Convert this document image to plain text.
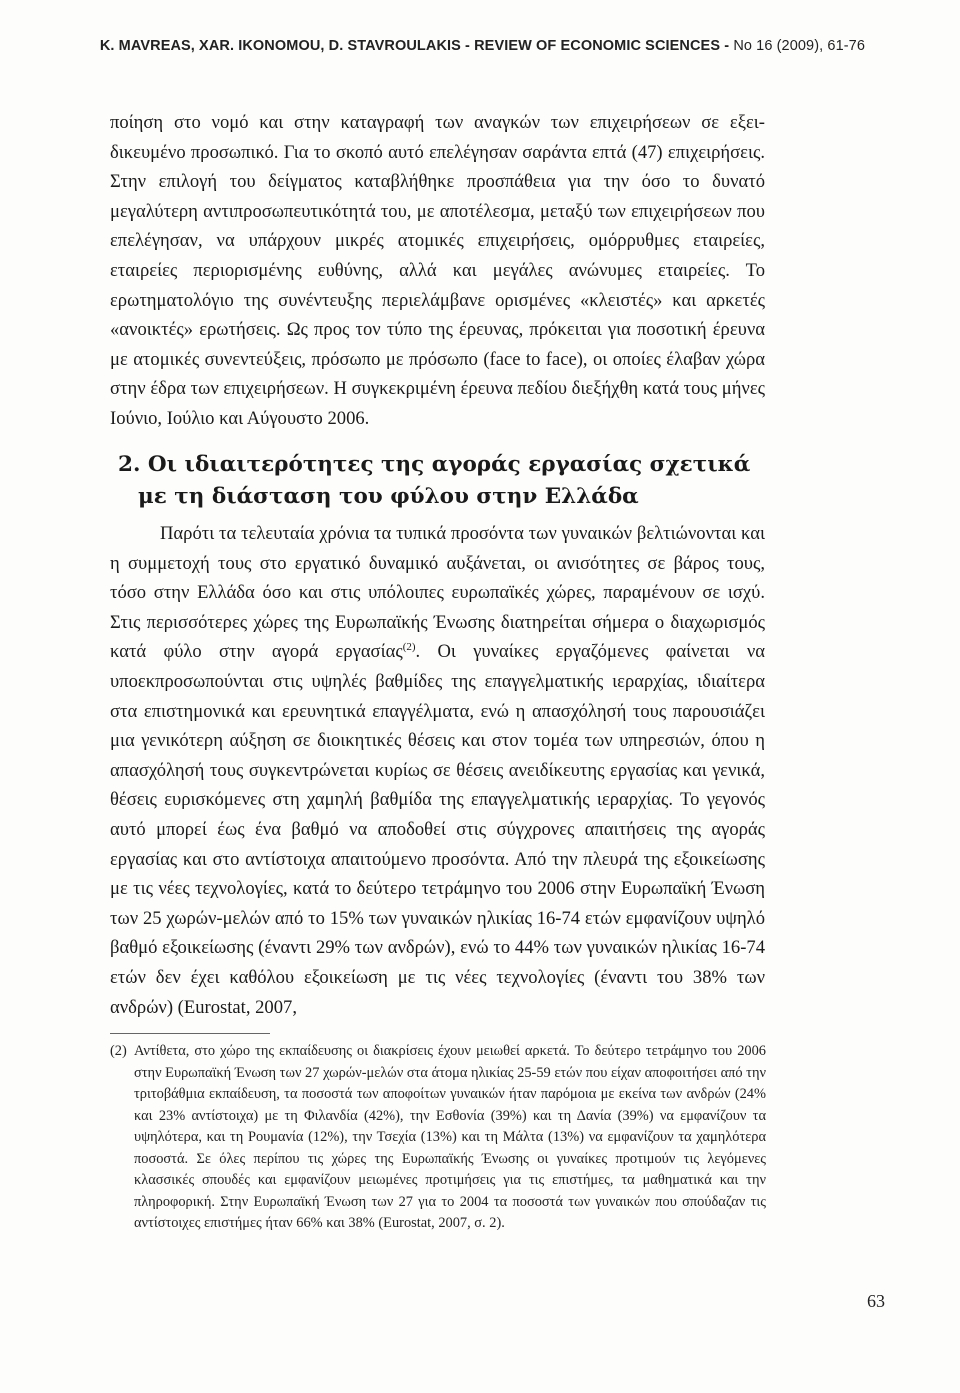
K. MAVREAS, XAR. IKONOMOU, D. STAVROULAKIS - REVIEW OF ECONOMIC SCIENCES - No 16 (2009), 61-76

ποίηση στο νομό και στην καταγραφή των αναγκών των επιχειρήσεων σε εξειδικευμένο προσωπικό. Για το σκοπό αυτό επελέγησαν σαράντα επτά (47) επιχειρήσεις. Στην επιλογή του δείγματος καταβλήθηκε προσπάθεια για την όσο το δυνατό μεγαλύτερη αντιπροσωπευτικότητά του, με αποτέλεσμα, μεταξύ των επιχειρήσεων που επελέγησαν, να υπάρχουν μικρές ατομικές επιχειρήσεις, ομόρρυθμες εταιρείες, εταιρείες περιορισμένης ευθύνης, αλλά και μεγάλες ανώνυμες εταιρείες. Το ερωτηματολόγιο της συνέντευξης περιελάμβανε ορισμένες «κλειστές» και αρκετές «ανοικτές» ερωτήσεις. Ως προς τον τύπο της έρευνας, πρόκειται για ποσοτική έρευνα με ατομικές συνεντεύξεις, πρόσωπο με πρόσωπο (face to face), οι οποίες έλαβαν χώρα στην έδρα των επιχειρήσεων. Η συγκεκριμένη έρευνα πεδίου διεξήχθη κατά τους μήνες Ιούνιο, Ιούλιο και Αύγουστο 2006.

2. Οι ιδιαιτερότητες της αγοράς εργασίας σχετικά
με τη διάσταση του φύλου στην Ελλάδα

Παρότι τα τελευταία χρόνια τα τυπικά προσόντα των γυναικών βελτιώνονται και η συμμετοχή τους στο εργατικό δυναμικό αυξάνεται, οι ανισότητες σε βάρος τους, τόσο στην Ελλάδα όσο και στις υπόλοιπες ευρωπαϊκές χώρες, παραμένουν σε ισχύ. Στις περισσότερες χώρες της Ευρωπαϊκής Ένωσης διατηρείται σήμερα ο διαχωρισμός κατά φύλο στην αγορά εργασίας$^{(2)}$. Οι γυναίκες εργαζόμενες φαίνεται να υποεκπροσωπούνται στις υψηλές βαθμίδες της επαγγελματικής ιεραρχίας, ιδιαίτερα στα επιστημονικά και ερευνητικά επαγγέλματα, ενώ η απασχόλησή τους παρουσιάζει μια γενικότερη αύξηση σε διοικητικές θέσεις και στον τομέα των υπηρεσιών, όπου η απασχόλησή τους συγκεντρώνεται κυρίως σε θέσεις ανειδίκευτης εργασίας και γενικά, θέσεις ευρισκόμενες στη χαμηλή βαθμίδα της επαγγελματικής ιεραρχίας. Το γεγονός αυτό μπορεί έως ένα βαθμό να αποδοθεί στις σύγχρονες απαιτήσεις της αγοράς εργασίας και στο αντίστοιχα απαιτούμενο προσόντα. Από την πλευρά της εξοικείωσης με τις νέες τεχνολογίες, κατά το δεύτερο τετράμηνο του 2006 στην Ευρωπαϊκή Ένωση των 25 χωρών-μελών από το 15% των γυναικών ηλικίας 16-74 ετών εμφανίζουν υψηλό βαθμό εξοικείωσης (έναντι 29% των ανδρών), ενώ το 44% των γυναικών ηλικίας 16-74 ετών δεν έχει καθόλου εξοικείωση με τις νέες τεχνολογίες (έναντι του 38% των ανδρών) (Eurostat, 2007,

(2) Αντίθετα, στο χώρο της εκπαίδευσης οι διακρίσεις έχουν μειωθεί αρκετά. Το δεύτερο τετράμηνο του 2006 στην Ευρωπαϊκή Ένωση των 27 χωρών-μελών στα άτομα ηλικίας 25-59 ετών που είχαν αποφοιτήσει από την τριτοβάθμια εκπαίδευση, τα ποσοστά των αποφοίτων γυναικών ήταν παρόμοια με εκείνα των ανδρών (24% και 23% αντίστοιχα) με τη Φιλανδία (42%), την Εσθονία (39%) και τη Δανία (39%) να εμφανίζουν τα υψηλότερα, και τη Ρουμανία (12%), την Τσεχία (13%) και τη Μάλτα (13%) να εμφανίζουν τα χαμηλότερα ποσοστά. Σε όλες περίπου τις χώρες της Ευρωπαϊκής Ένωσης οι γυναίκες προτιμούν τις λεγόμενες κλασσικές σπουδές και εμφανίζουν μειωμένες προτιμήσεις για τις επιστήμες, τα μαθηματικά και την πληροφορική. Στην Ευρωπαϊκή Ένωση των 27 για το 2004 τα ποσοστά των γυναικών που σπούδαζαν τις αντίστοιχες επιστήμες ήταν 66% και 38% (Eurostat, 2007, σ. 2).
63
